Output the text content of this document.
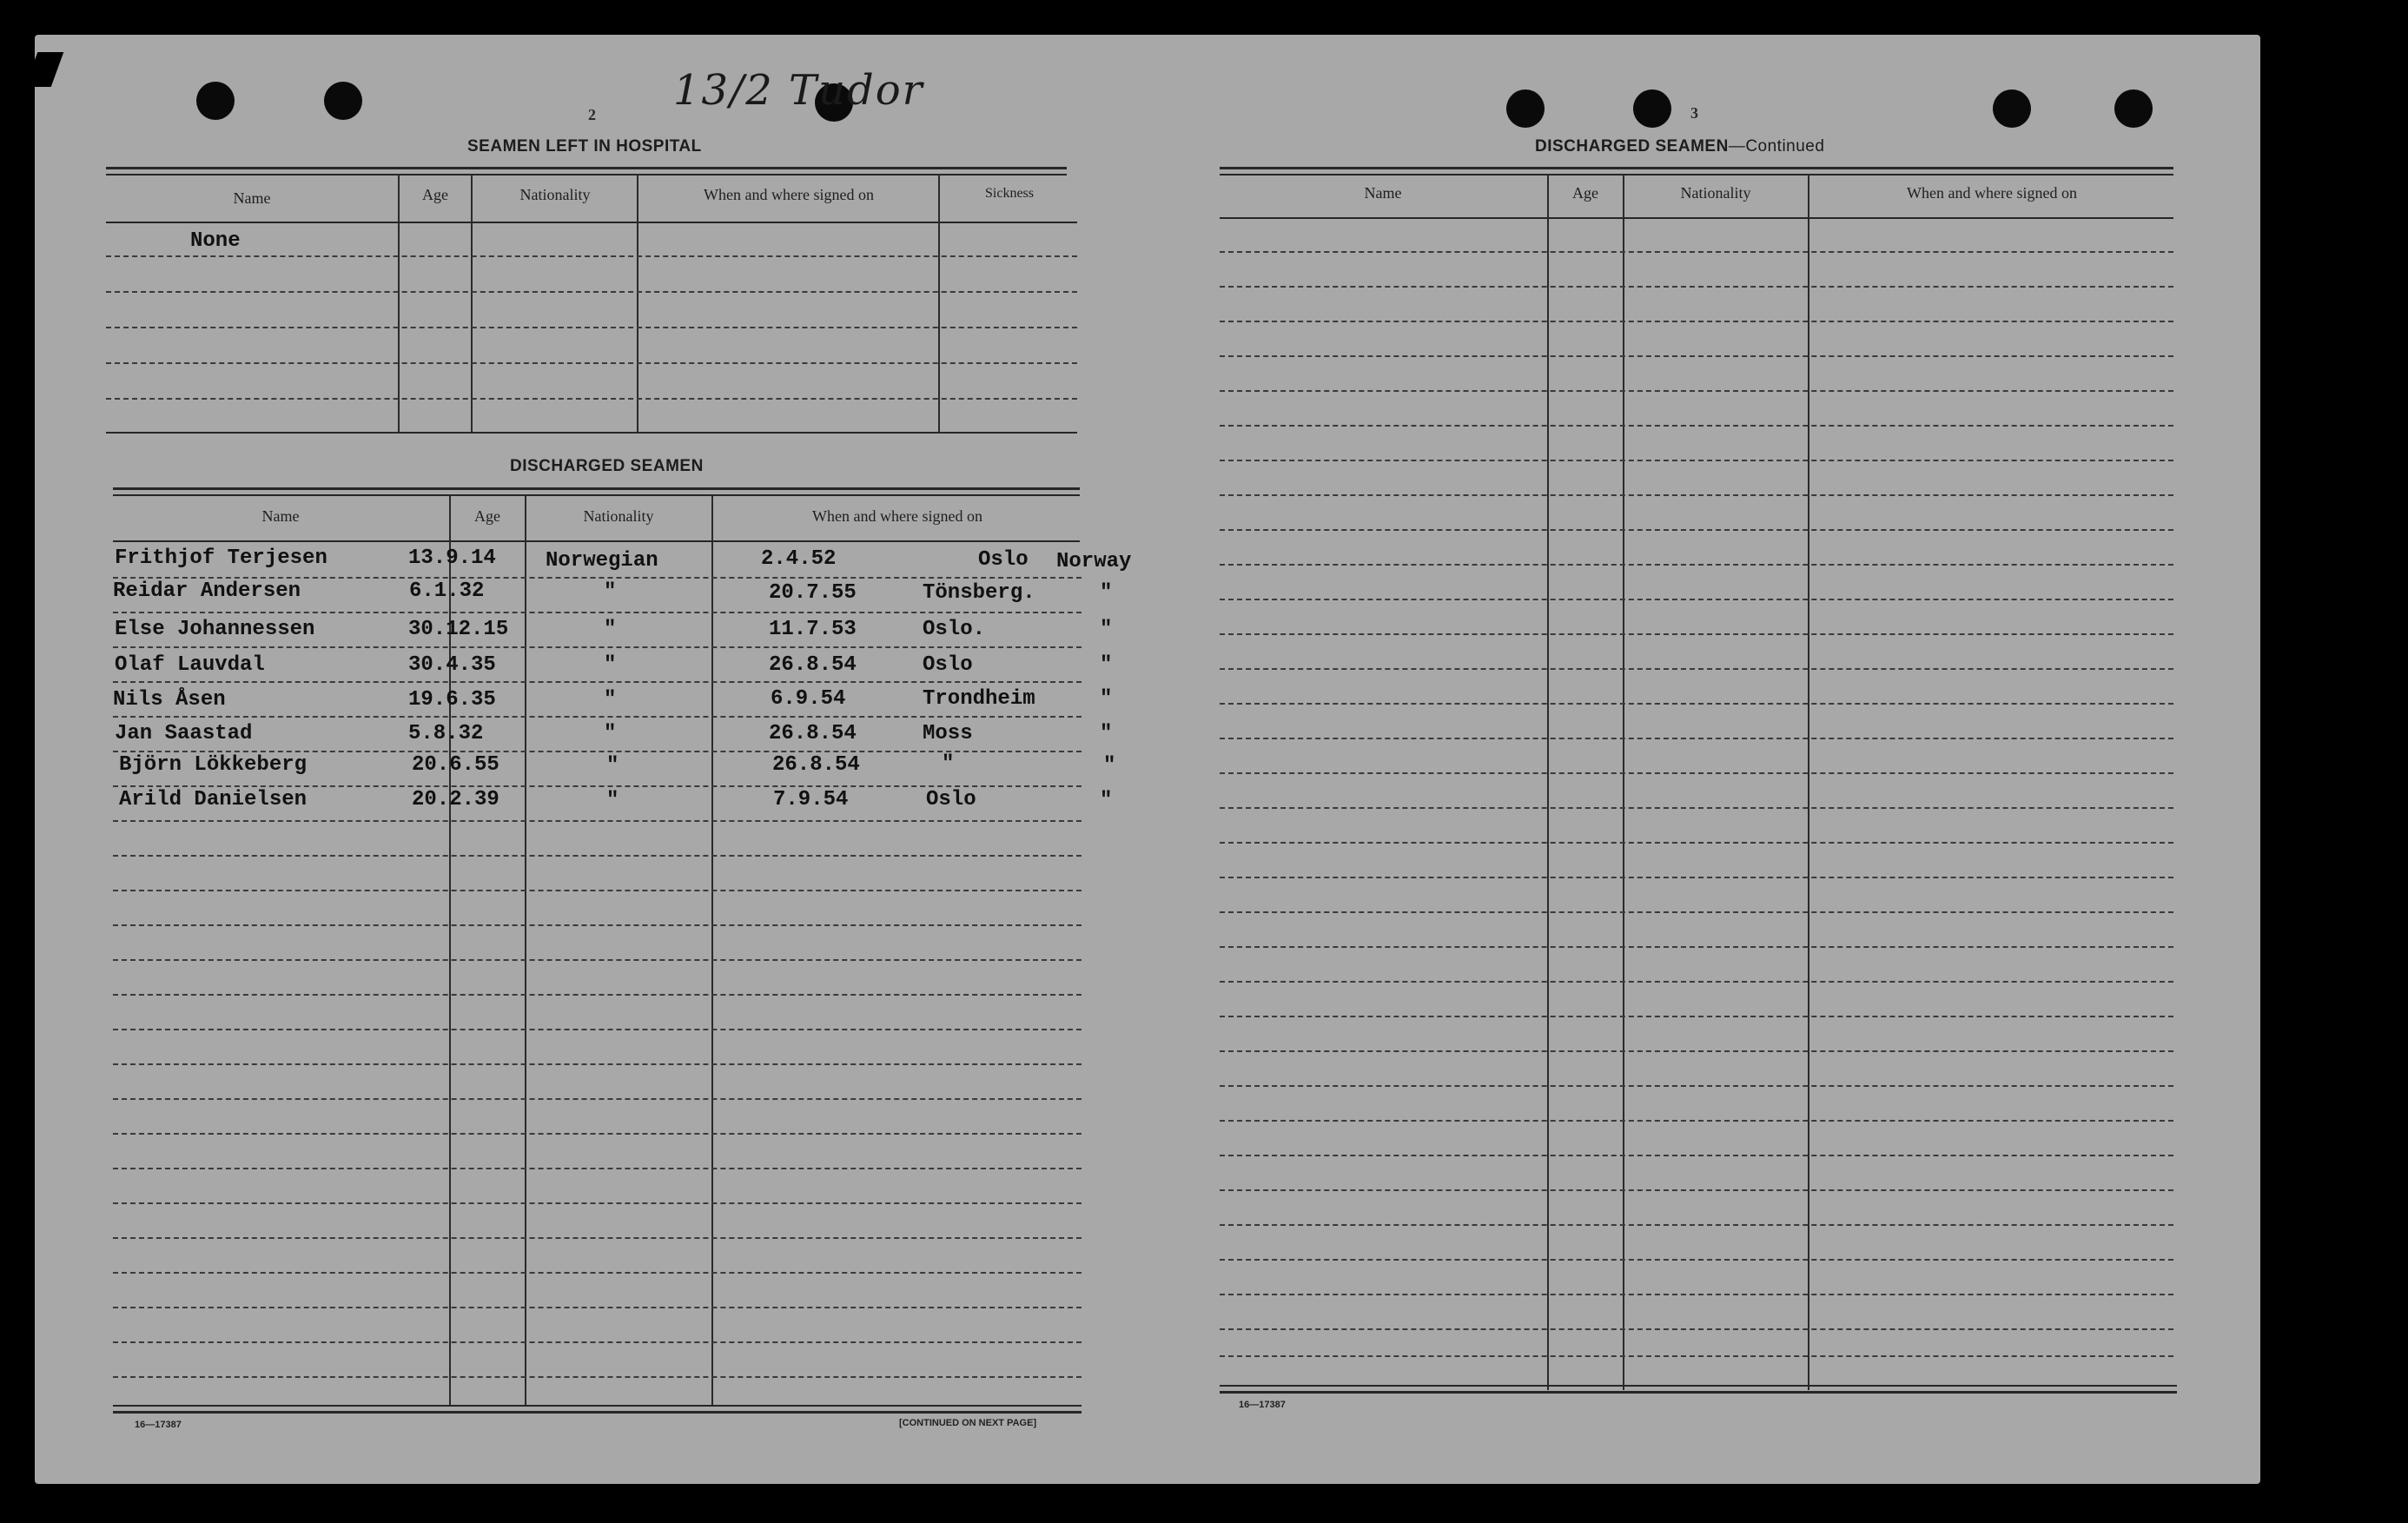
2	3
13/2 Tudor
SEAMEN LEFT IN HOSPITAL
Name	Age	Nationality	When and where signed on	Sickness
None
DISCHARGED SEAMEN
Name	Age	Nationality	When and where signed on
Frithjof Terjesen	13.9.14 Norwegian	2.4.52	Oslo Norway
Reidar Andersen	6.1.32	"	20.7.55	Tönsberg.	"
Else Johannessen	30.12.15	"	11.7.53	Oslo.	"
Olaf Lauvdal	30.4.35	"	26.8.54	Oslo	"
Nils Åsen	19.6.35	"	6.9.54	Trondheim	"
Jan Saastad	5.8.32	"	26.8.54	Moss	"
Björn Lökkeberg	20.6.55	"	26.8.54	"	"
Arild Danielsen	20.2.39	"	7.9.54	Oslo	"
16—17387	[CONTINUED ON NEXT PAGE]
DISCHARGED SEAMEN—Continued
Name	Age	Nationality	When and where signed on
16—17387
